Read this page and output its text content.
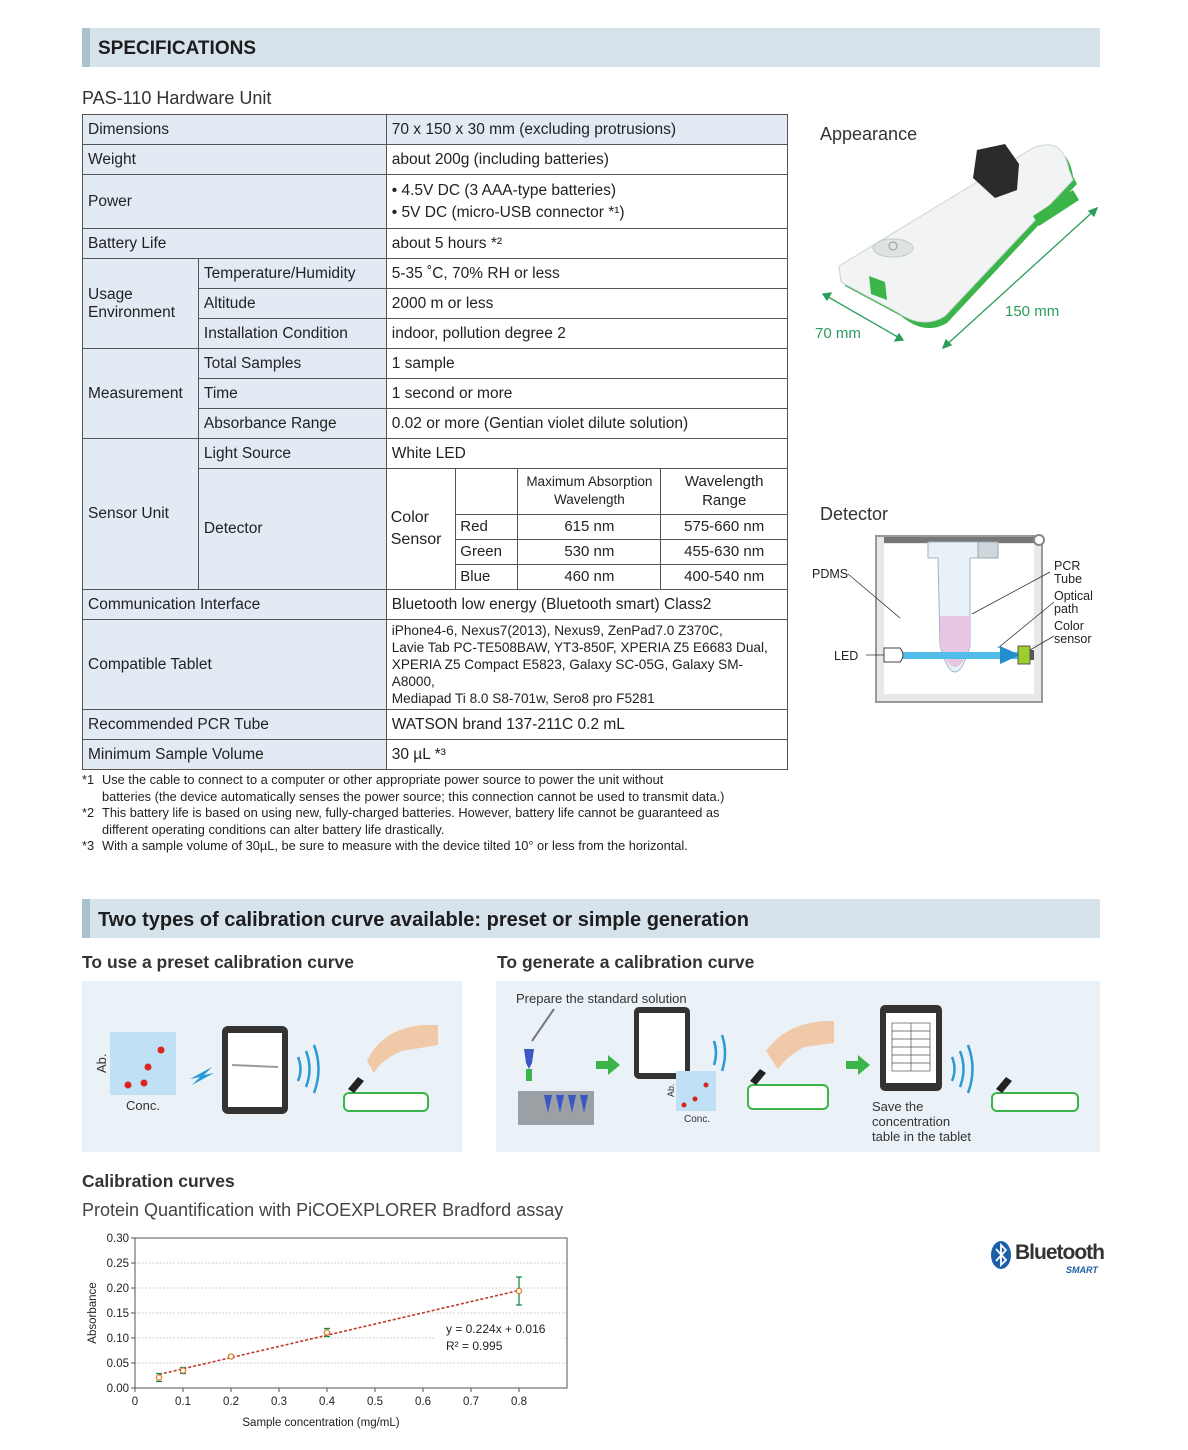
SPECIFICATIONS
PAS-110 Hardware Unit
Dimensions	70 x 150 x 30 mm (excluding protrusions)
Weight	about 200g (including batteries)
Power	
• 4.5V DC (3 AAA-type batteries)
• 5V DC (micro-USB connector *¹)

Battery Life	about 5 hours *²
Usage Environment	Temperature/Humidity	5-35 ˚C, 70% RH or less
Altitude	2000 m or less
Installation Condition	indoor, pollution degree 2
Measurement	Total Samples	1 sample
Time	1 second or more
Absorbance Range	0.02 or more (Gentian violet dilute solution)
Sensor Unit	Light Source	White LED
Detector	
Color Sensor		Maximum Absorption Wavelength	Wavelength Range
Red	615 nm	575-660 nm
Green	530 nm	455-630 nm
Blue	460 nm	400-540 nm

Communication Interface	Bluetooth low energy (Bluetooth smart) Class2
Compatible Tablet	
iPhone4-6, Nexus7(2013), Nexus9, ZenPad7.0 Z370C,
Lavie Tab PC-TE508BAW, YT3-850F, XPERIA Z5 E6683 Dual,
XPERIA Z5 Compact E5823, Galaxy SC-05G, Galaxy SM-A8000,
Mediapad Ti 8.0 S8-701w, Sero8 pro F5281

Recommended PCR Tube	WATSON brand 137-211C 0.2 mL
Minimum Sample Volume	30 µL *³
*1 Use the cable to connect to a computer or other appropriate power source to power the unit without
batteries (the device automatically senses the power source; this connection cannot be used to transmit data.)
*2 This battery life is based on using new, fully-charged batteries. However, battery life cannot be guaranteed as
different operating conditions can alter battery life drastically.
*3 With a sample volume of 30µL, be sure to measure with the device tilted 10° or less from the horizontal.
Appearance
70 mm
150 mm
Detector
PDMS
LED
PCR Tube
Optical path
Color sensor
Two types of calibration curve available: preset or simple generation
To use a preset calibration curve	To generate a calibration curve
Ab.
Conc.
Prepare the standard solution
Ab.
Conc.
Save the
concentration
table in the tablet
Calibration curves
Protein Quantification with PiCOEXPLORER Bradford assay
0.00
0.05
0.10
0.15
0.20
0.25
0.30
0	0.1	0.2	0.3	0.4	0.5	0.6	0.7	0.8
Sample concentration (mg/mL)
Absorbance	y = 0.224x + 0.016
R² = 0.995
Bluetooth
SMART
